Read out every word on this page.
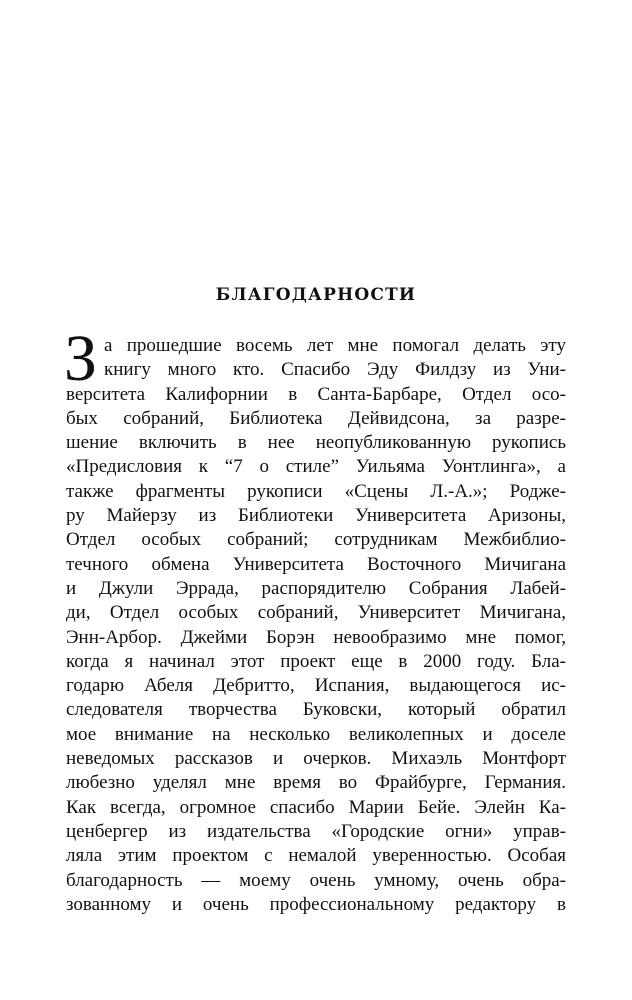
БЛАГОДАРНОСТИ
З а прошедшие восемь лет мне помогал делать эту
книгу много кто. Спасибо Эду Филдзу из Уни-
верситета Калифорнии в Санта-Барбаре, Отдел осо-
бых собраний, Библиотека Дейвидсона, за разре-
шение включить в нее неопубликованную рукопись
«Предисловия к “7 о стиле” Уильяма Уонтлинга», а
также фрагменты рукописи «Сцены Л.-А.»; Родже-
ру Майерзу из Библиотеки Университета Аризоны,
Отдел особых собраний; сотрудникам Межбиблио-
течного обмена Университета Восточного Мичигана
и Джули Эррада, распорядителю Собрания Лабей-
ди, Отдел особых собраний, Университет Мичигана,
Энн-Арбор. Джейми Борэн невообразимо мне помог,
когда я начинал этот проект еще в 2000 году. Бла-
годарю Абеля Дебритто, Испания, выдающегося ис-
следователя творчества Буковски, который обратил
мое внимание на несколько великолепных и доселе
неведомых рассказов и очерков. Михаэль Монтфорт
любезно уделял мне время во Фрайбурге, Германия.
Как всегда, огромное спасибо Марии Бейе. Элейн Ка-
ценбергер из издательства «Городские огни» управ-
ляла этим проектом с немалой уверенностью. Особая
благодарность — моему очень умному, очень обра-
зованному и очень профессиональному редактору в
